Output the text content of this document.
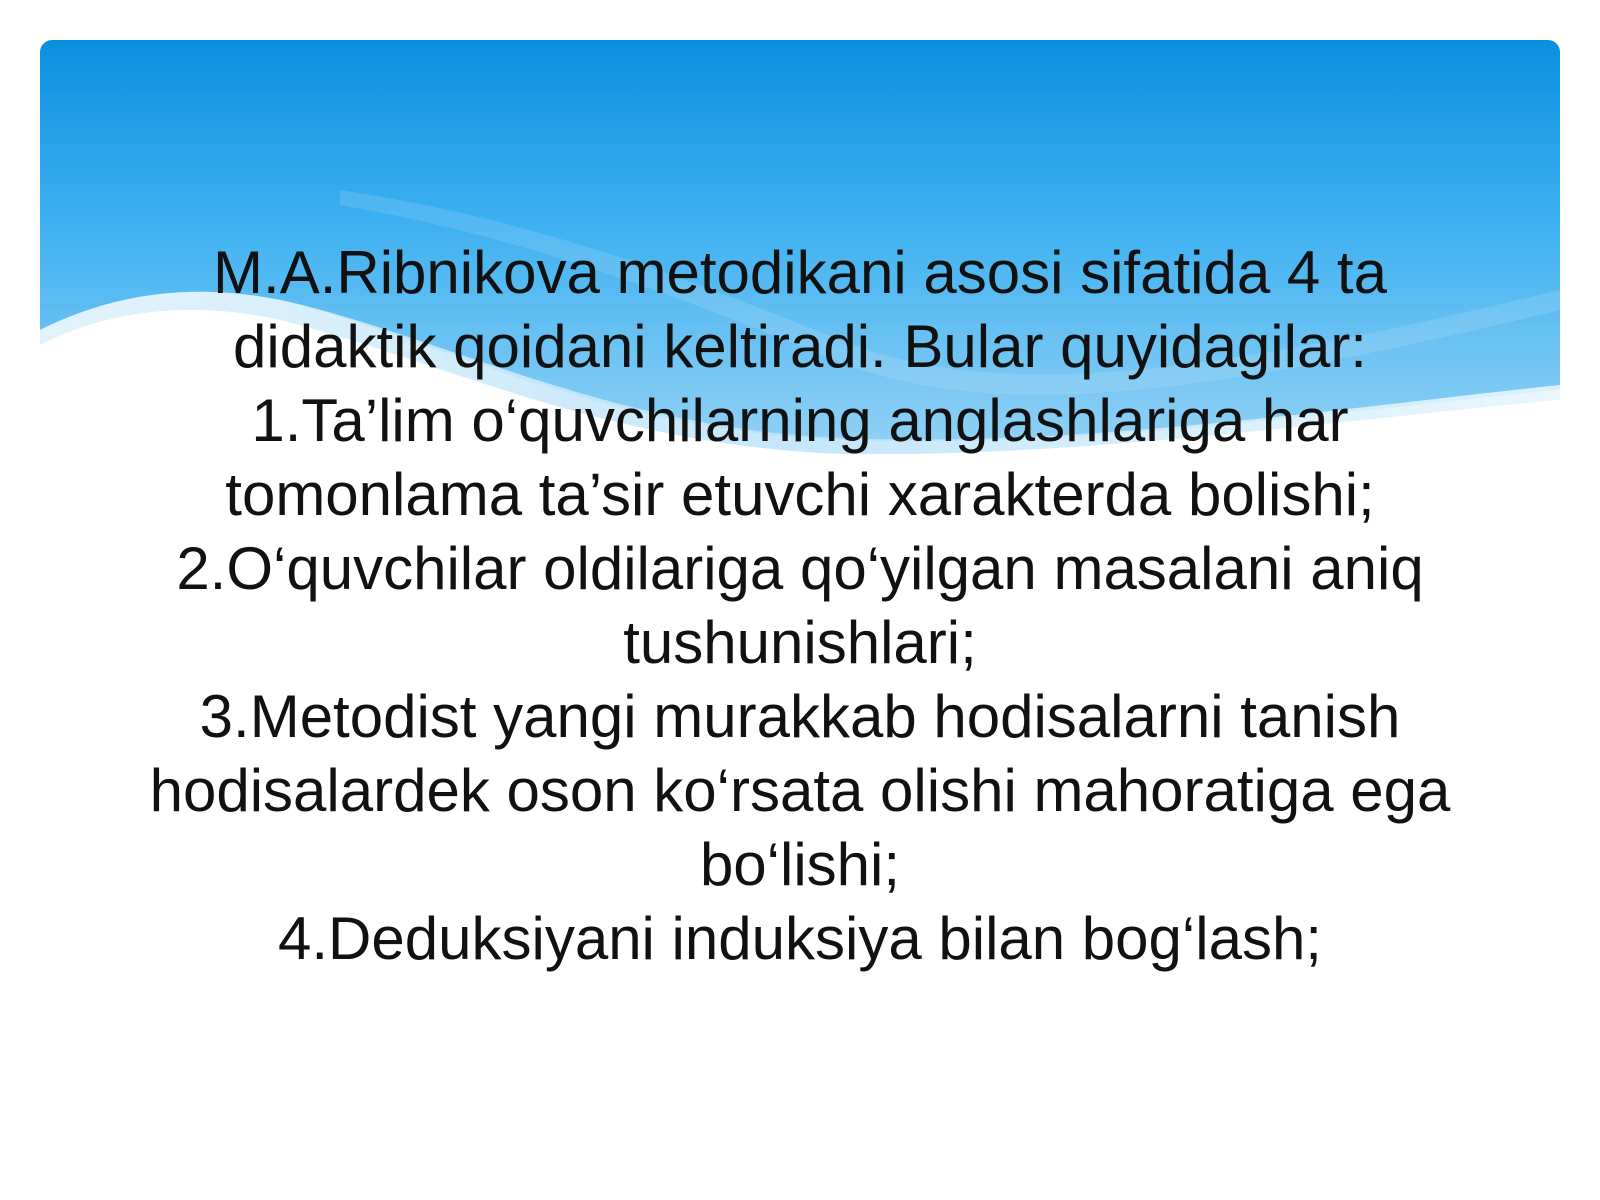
M.A.Ribnikova metodikani asosi sifatida 4 ta
didaktik qoidani keltiradi. Bular quyidagilar:
1.Ta’lim o‘quvchilarning anglashlariga har
tomonlama ta’sir etuvchi xarakterda bolishi;
2.O‘quvchilar oldilariga qo‘yilgan masalani aniq
tushunishlari;
3.Metodist yangi murakkab hodisalarni tanish
hodisalardek oson ko‘rsata olishi mahoratiga ega
bo‘lishi;
4.Deduksiyani induksiya bilan bog‘lash;
